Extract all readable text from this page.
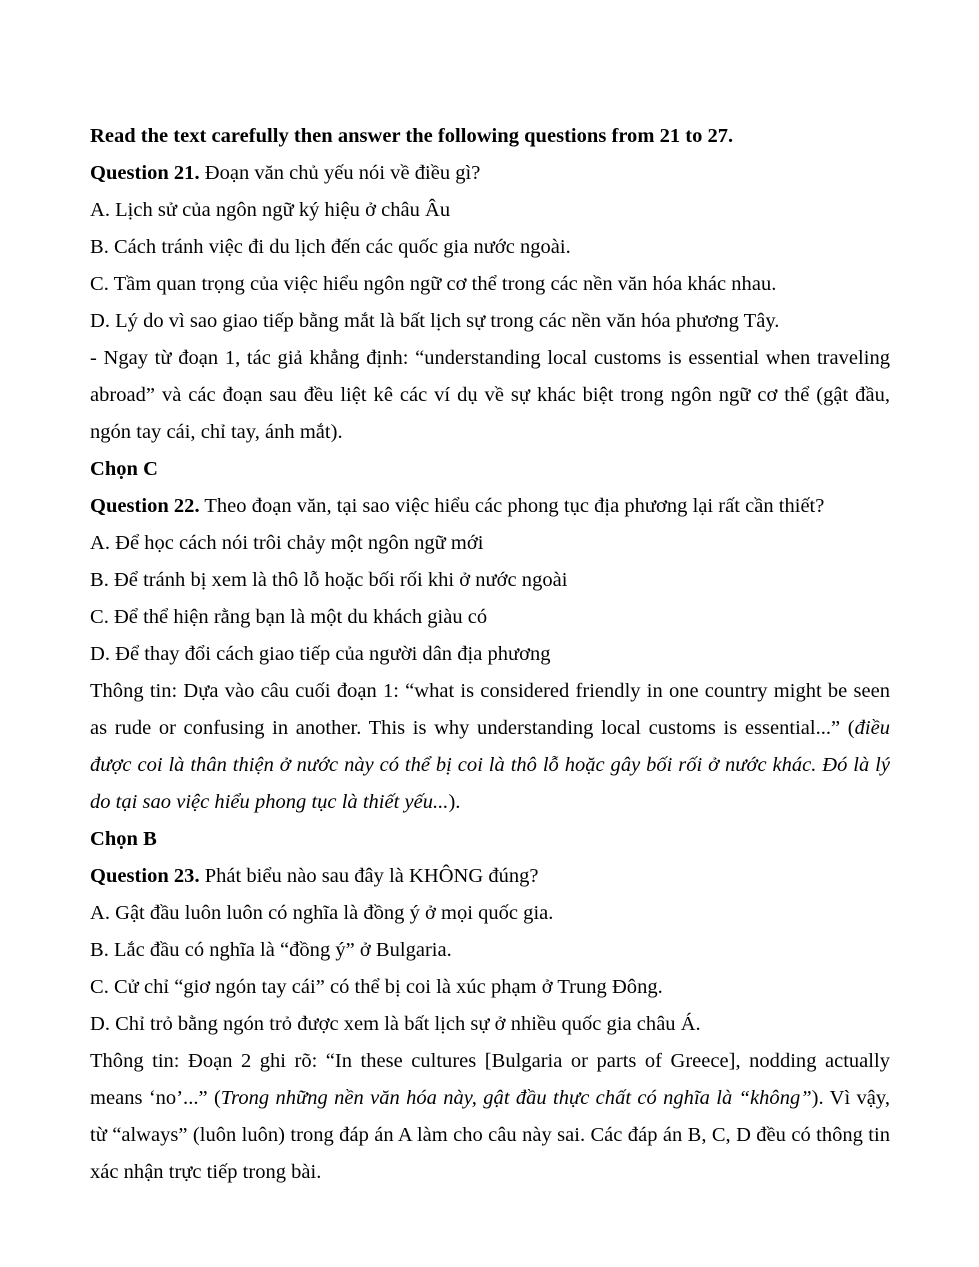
Read the text carefully then answer the following questions from 21 to 27.

Question 21. Đoạn văn chủ yếu nói về điều gì?

A. Lịch sử của ngôn ngữ ký hiệu ở châu Âu

B. Cách tránh việc đi du lịch đến các quốc gia nước ngoài.

C. Tầm quan trọng của việc hiểu ngôn ngữ cơ thể trong các nền văn hóa khác nhau.

D. Lý do vì sao giao tiếp bằng mắt là bất lịch sự trong các nền văn hóa phương Tây.

- Ngay từ đoạn 1, tác giả khẳng định: “understanding local customs is essential when traveling abroad” và các đoạn sau đều liệt kê các ví dụ về sự khác biệt trong ngôn ngữ cơ thể (gật đầu, ngón tay cái, chỉ tay, ánh mắt).

Chọn C

Question 22. Theo đoạn văn, tại sao việc hiểu các phong tục địa phương lại rất cần thiết?

A. Để học cách nói trôi chảy một ngôn ngữ mới

B. Để tránh bị xem là thô lỗ hoặc bối rối khi ở nước ngoài

C. Để thể hiện rằng bạn là một du khách giàu có

D. Để thay đổi cách giao tiếp của người dân địa phương

Thông tin: Dựa vào câu cuối đoạn 1: “what is considered friendly in one country might be seen as rude or confusing in another. This is why understanding local customs is essential...” (điều được coi là thân thiện ở nước này có thể bị coi là thô lỗ hoặc gây bối rối ở nước khác. Đó là lý do tại sao việc hiểu phong tục là thiết yếu...).

Chọn B

Question 23. Phát biểu nào sau đây là KHÔNG đúng?

A. Gật đầu luôn luôn có nghĩa là đồng ý ở mọi quốc gia.

B. Lắc đầu có nghĩa là “đồng ý” ở Bulgaria.

C. Cử chỉ “giơ ngón tay cái” có thể bị coi là xúc phạm ở Trung Đông.

D. Chỉ trỏ bằng ngón trỏ được xem là bất lịch sự ở nhiều quốc gia châu Á.

Thông tin: Đoạn 2 ghi rõ: “In these cultures [Bulgaria or parts of Greece], nodding actually means ‘no’...” (Trong những nền văn hóa này, gật đầu thực chất có nghĩa là “không”). Vì vậy, từ “always” (luôn luôn) trong đáp án A làm cho câu này sai. Các đáp án B, C, D đều có thông tin xác nhận trực tiếp trong bài.
